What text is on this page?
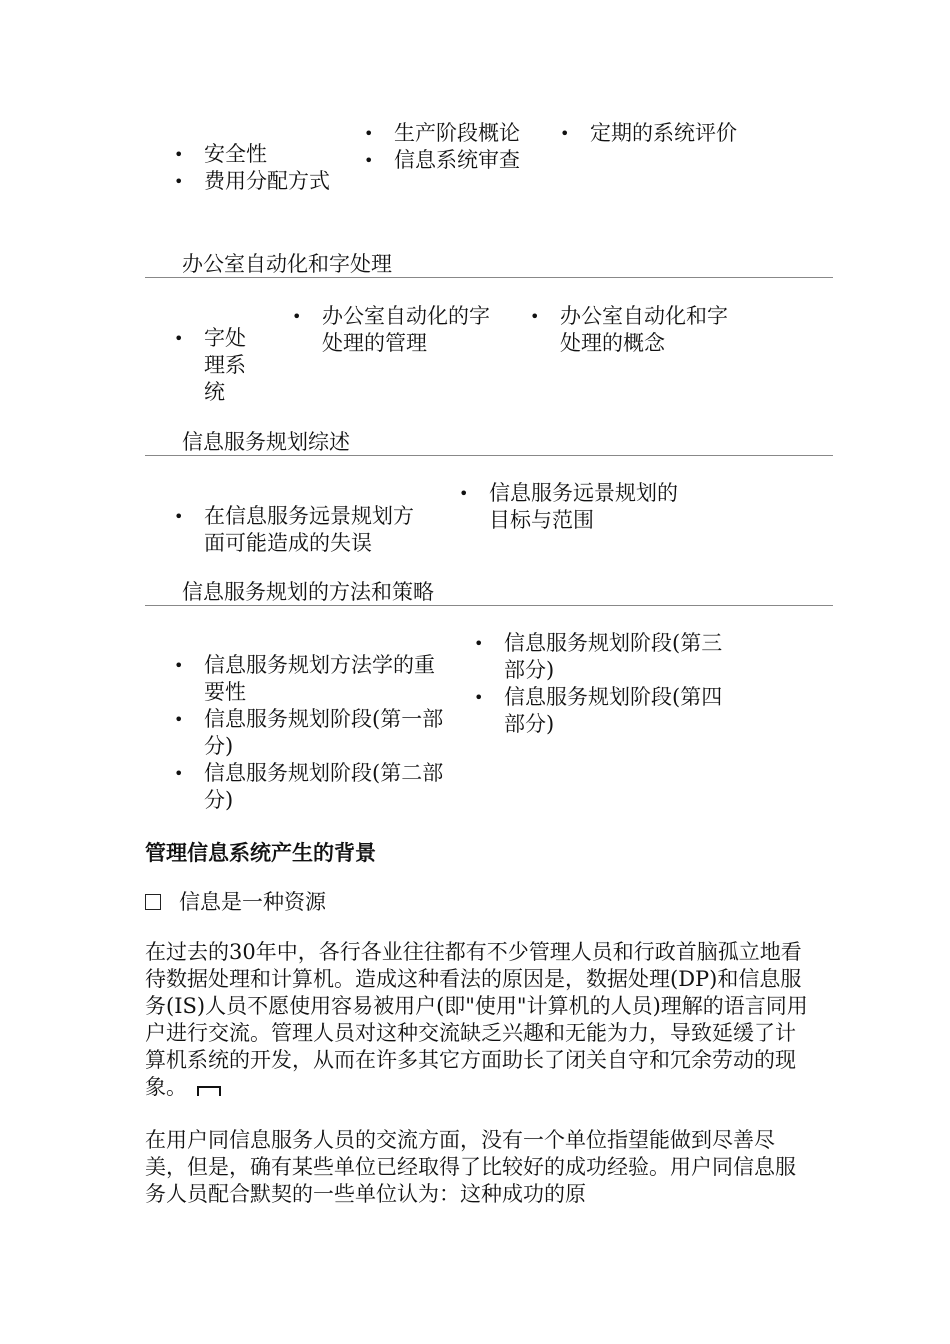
• 安全性
• 费用分配方式
• 生产阶段概论
• 信息系统审查
• 定期的系统评价
办公室自动化和字处理
• 字处理系统
• 办公室自动化的字处理的管理
• 办公室自动化和字处理的概念
信息服务规划综述
• 在信息服务远景规划方面可能造成的失误
• 信息服务远景规划的目标与范围
信息服务规划的方法和策略
• 信息服务规划方法学的重要性
• 信息服务规划阶段(第一部分)
• 信息服务规划阶段(第二部分)
• 信息服务规划阶段(第三部分)
• 信息服务规划阶段(第四部分)
管理信息系统产生的背景
信息是一种资源

在过去的30年中，各行各业往往都有不少管理人员和行政首脑孤立地看待数据处理和计算机。造成这种看法的原因是，数据处理(DP)和信息服务(IS)人员不愿使用容易被用户(即"使用"计算机的人员)理解的语言同用户进行交流。管理人员对这种交流缺乏兴趣和无能为力，导致延缓了计算机系统的开发，从而在许多其它方面助长了闭关自守和冗余劳动的现象。

在用户同信息服务人员的交流方面，没有一个单位指望能做到尽善尽美，但是，确有某些单位已经取得了比较好的成功经验。用户同信息服务人员配合默契的一些单位认为：这种成功的原
